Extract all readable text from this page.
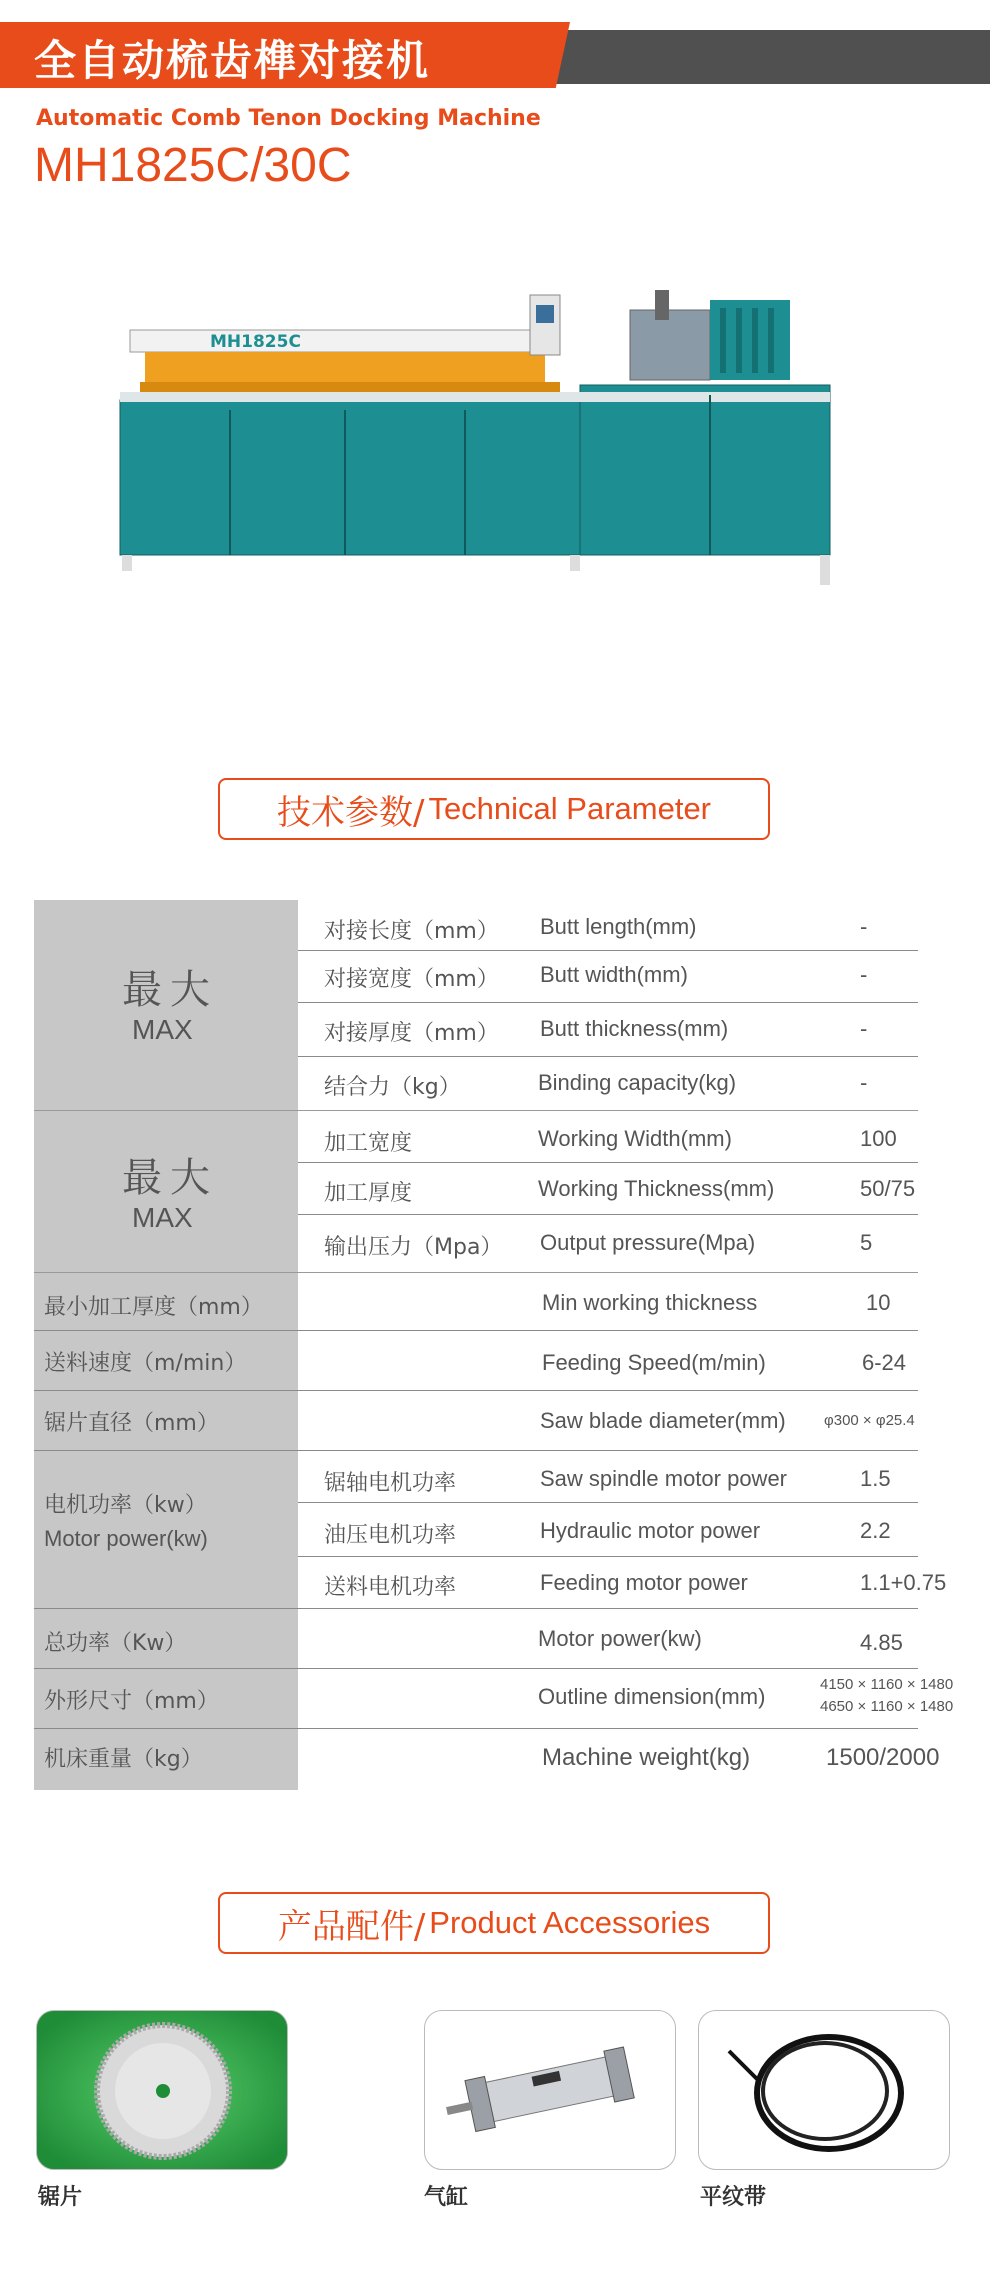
全自动梳齿榫对接机
Automatic Comb Tenon Docking Machine
MH1825C/30C
MH1825C
技术参数/ Technical Parameter
最大
MAX
对接长度（mm） Butt length(mm)	-
对接宽度（mm） Butt width(mm)	-
对接厚度（mm） Butt thickness(mm)	-
结合力（kg）	Binding capacity(kg)	-
最大
MAX
加工宽度	Working Width(mm)	100
加工厚度	Working Thickness(mm)	50/75
输出压力（Mpa） Output pressure(Mpa)	5
最小加工厚度（mm）	Min working thickness	10
送料速度（m/min）	Feeding Speed(m/min)	6-24
锯片直径（mm）	Saw blade diameter(mm)	φ300 × φ25.4
电机功率（kw）
Motor power(kw)
锯轴电机功率	Saw spindle motor power	1.5
油压电机功率	Hydraulic motor power	2.2
送料电机功率	Feeding motor power	1.1+0.75
总功率（Kw）	Motor power(kw)	4.85
外形尺寸（mm）	Outline dimension(mm)	4150 × 1160 × 1480
4650 × 1160 × 1480
机床重量（kg）	Machine weight(kg)	1500/2000
产品配件/ Product Accessories
锯片	气缸	平纹带
